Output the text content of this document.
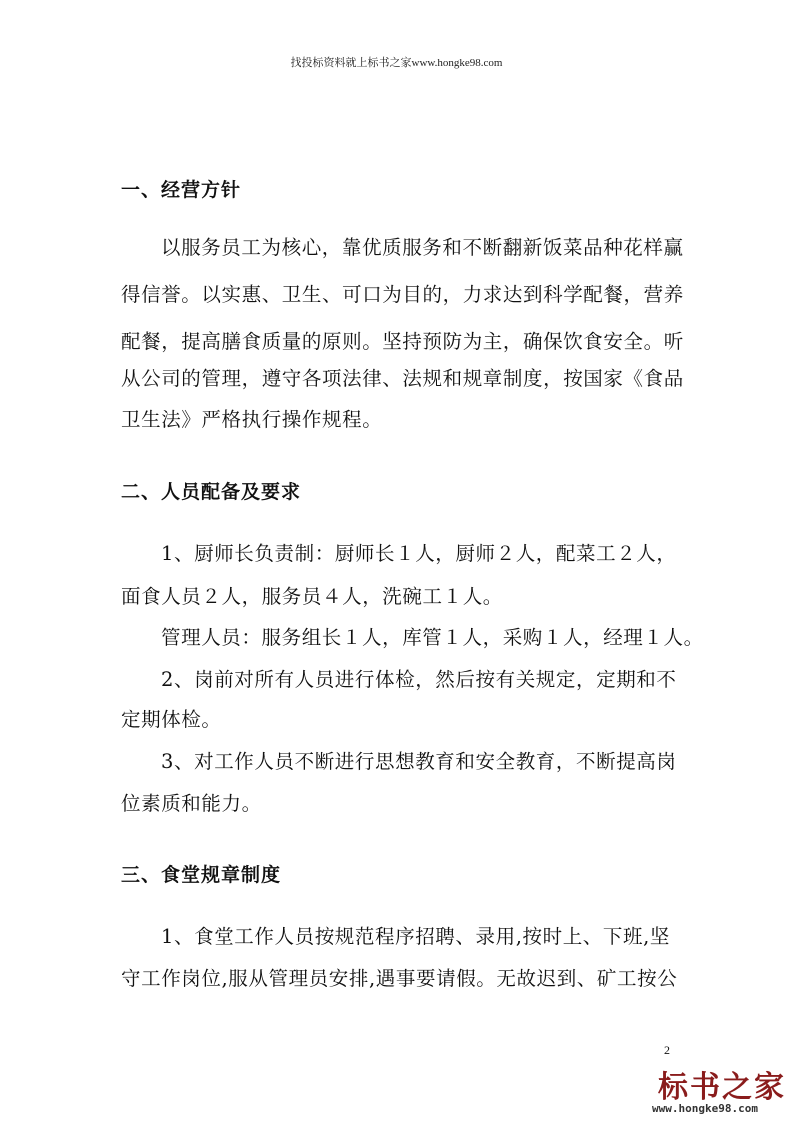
找投标资料就上标书之家www.hongke98.com
一、经营方针
以服务员工为核心，靠优质服务和不断翻新饭菜品种花样赢
得信誉。以实惠、卫生、可口为目的，力求达到科学配餐，营养
配餐，提高膳食质量的原则。坚持预防为主，确保饮食安全。听
从公司的管理，遵守各项法律、法规和规章制度，按国家《食品
卫生法》严格执行操作规程。
二、人员配备及要求
1、厨师长负责制：厨师长１人，厨师２人，配菜工２人，
面食人员２人，服务员４人，洗碗工１人。
管理人员：服务组长１人，库管１人，采购１人，经理１人。
2、岗前对所有人员进行体检，然后按有关规定，定期和不
定期体检。
3、对工作人员不断进行思想教育和安全教育，不断提高岗
位素质和能力。
三、食堂规章制度
1、食堂工作人员按规范程序招聘、录用,按时上、下班,坚
守工作岗位,服从管理员安排,遇事要请假。无故迟到、矿工按公
2
标书之家
www.hongke98.com
